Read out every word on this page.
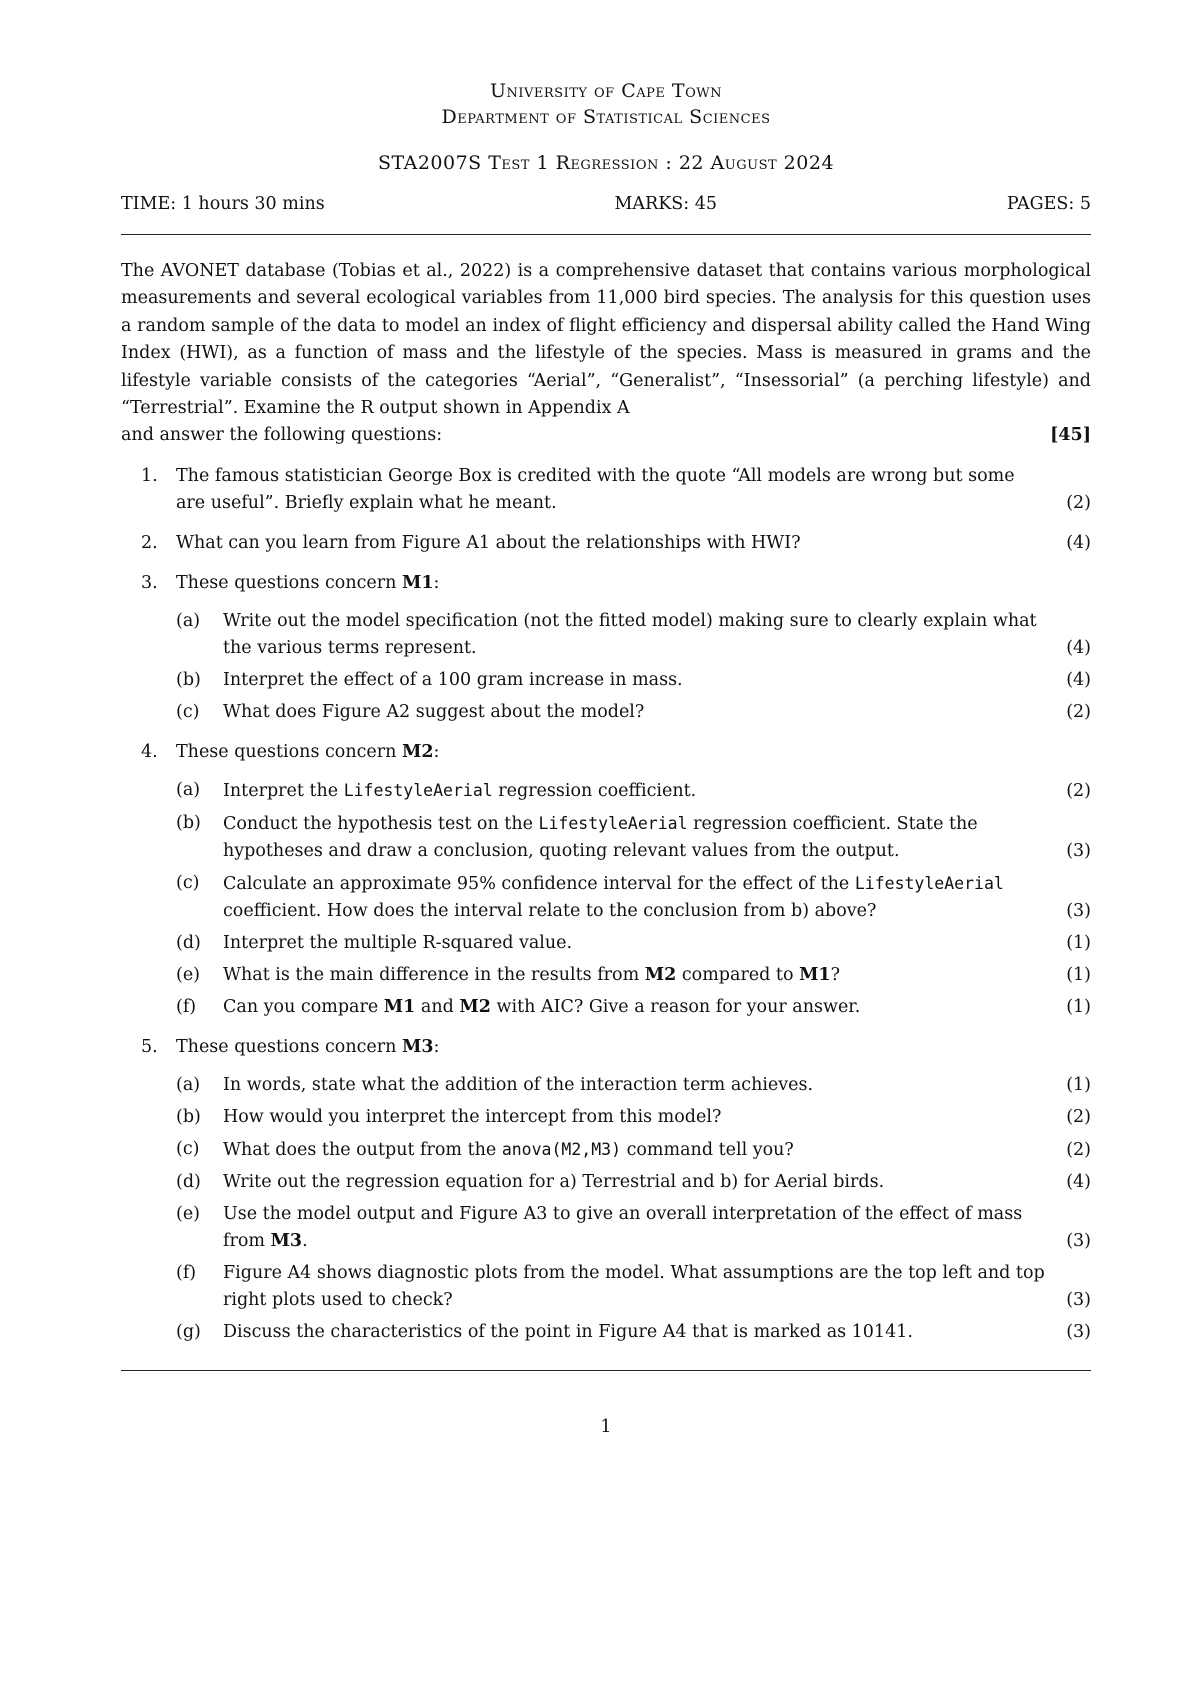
University of Cape Town
Department of Statistical Sciences
STA2007S Test 1 Regression : 22 August 2024
TIME: 1 hours 30 mins	MARKS: 45	PAGES: 5
The AVONET database (Tobias et al., 2022) is a comprehensive dataset that contains various morphological measurements and several ecological variables from 11,000 bird species. The analysis for this question uses a random sample of the data to model an index of flight efficiency and dispersal ability called the Hand Wing Index (HWI), as a function of mass and the lifestyle of the species. Mass is measured in grams and the lifestyle variable consists of the categories “Aerial”, “Generalist”, “Insessorial” (a perching lifestyle) and “Terrestrial”. Examine the R output shown in Appendix A
and answer the following questions:	[45]
1. The famous statistician George Box is credited with the quote “All models are wrong but some are useful”. Briefly explain what he meant.	(2)
2. What can you learn from Figure A1 about the relationships with HWI?	(4)
3. These questions concern M1:
(a) Write out the model specification (not the fitted model) making sure to clearly explain what the various terms represent.	(4)
(b) Interpret the effect of a 100 gram increase in mass.	(4)
(c) What does Figure A2 suggest about the model?	(2)
4. These questions concern M2:
(a) Interpret the LifestyleAerial regression coefficient.	(2)
(b) Conduct the hypothesis test on the LifestyleAerial regression coefficient. State the hypotheses and draw a conclusion, quoting relevant values from the output.	(3)
(c) Calculate an approximate 95% confidence interval for the effect of the LifestyleAerial coefficient. How does the interval relate to the conclusion from b) above?	(3)
(d) Interpret the multiple R-squared value.	(1)
(e) What is the main difference in the results from M2 compared to M1?	(1)
(f) Can you compare M1 and M2 with AIC? Give a reason for your answer.	(1)
5. These questions concern M3:
(a) In words, state what the addition of the interaction term achieves.	(1)
(b) How would you interpret the intercept from this model?	(2)
(c) What does the output from the anova(M2,M3) command tell you?	(2)
(d) Write out the regression equation for a) Terrestrial and b) for Aerial birds.	(4)
(e) Use the model output and Figure A3 to give an overall interpretation of the effect of mass from M3.	(3)
(f) Figure A4 shows diagnostic plots from the model. What assumptions are the top left and top right plots used to check?	(3)
(g) Discuss the characteristics of the point in Figure A4 that is marked as 10141.	(3)
1
